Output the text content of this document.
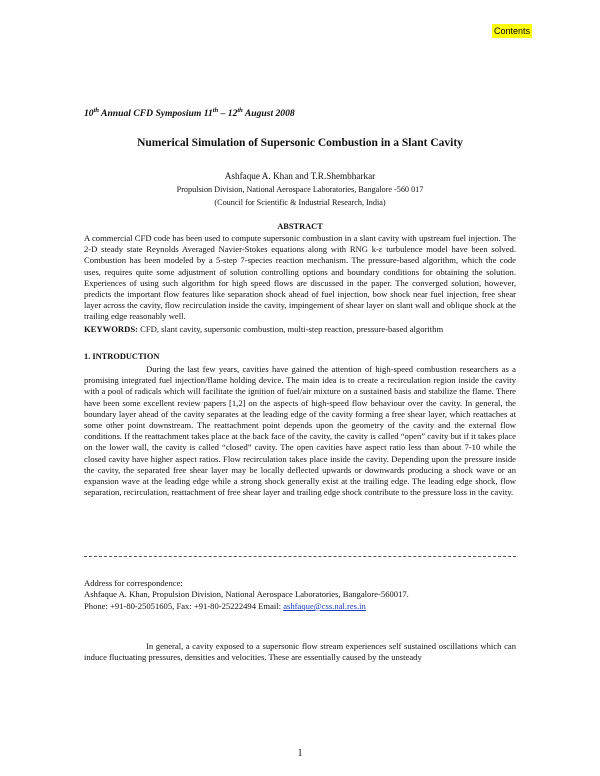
Contents
10th Annual CFD Symposium 11th – 12th August 2008
Numerical Simulation of Supersonic Combustion in a Slant Cavity
Ashfaque A. Khan and T.R.Shembharkar
Propulsion Division, National Aerospace Laboratories, Bangalore -560 017
(Council for Scientific & Industrial Research, India)
ABSTRACT
A commercial CFD code has been used to compute supersonic combustion in a slant cavity with upstream fuel injection. The 2-D steady state Reynolds Averaged Navier-Stokes equations along with RNG k-ε turbulence model have been solved. Combustion has been modeled by a 5-step 7-species reaction mechanism. The pressure-based algorithm, which the code uses, requires quite some adjustment of solution controlling options and boundary conditions for obtaining the solution. Experiences of using such algorithm for high speed flows are discussed in the paper. The converged solution, however, predicts the important flow features like separation shock ahead of fuel injection, bow shock near fuel injection, free shear layer across the cavity, flow recirculation inside the cavity, impingement of shear layer on slant wall and oblique shock at the trailing edge reasonably well.
KEYWORDS: CFD, slant cavity, supersonic combustion, multi-step reaction, pressure-based algorithm
1. INTRODUCTION
During the last few years, cavities have gained the attention of high-speed combustion researchers as a promising integrated fuel injection/flame holding device. The main idea is to create a recirculation region inside the cavity with a pool of radicals which will facilitate the ignition of fuel/air mixture on a sustained basis and stabilize the flame. There have been some excellent review papers [1,2] on the aspects of high-speed flow behaviour over the cavity. In general, the boundary layer ahead of the cavity separates at the leading edge of the cavity forming a free shear layer, which reattaches at some other point downstream. The reattachment point depends upon the geometry of the cavity and the external flow conditions. If the reattachment takes place at the back face of the cavity, the cavity is called “open” cavity but if it takes place on the lower wall, the cavity is called “closed” cavity. The open cavities have aspect ratio less than about 7-10 while the closed cavity have higher aspect ratios. Flow recirculation takes place inside the cavity. Depending upon the pressure inside the cavity, the separated free shear layer may be locally deflected upwards or downwards producing a shock wave or an expansion wave at the leading edge while a strong shock generally exist at the trailing edge. The leading edge shock, flow separation, recirculation, reattachment of free shear layer and trailing edge shock contribute to the pressure loss in the cavity.
Address for correspondence:
Ashfaque A. Khan, Propulsion Division, National Aerospace Laboratories, Bangalore-560017.
Phone: +91-80-25051605, Fax: +91-80-25222494 Email: ashfaque@css.nal.res.in
In general, a cavity exposed to a supersonic flow stream experiences self sustained oscillations which can induce fluctuating pressures, densities and velocities. These are essentially caused by the unsteady
1
